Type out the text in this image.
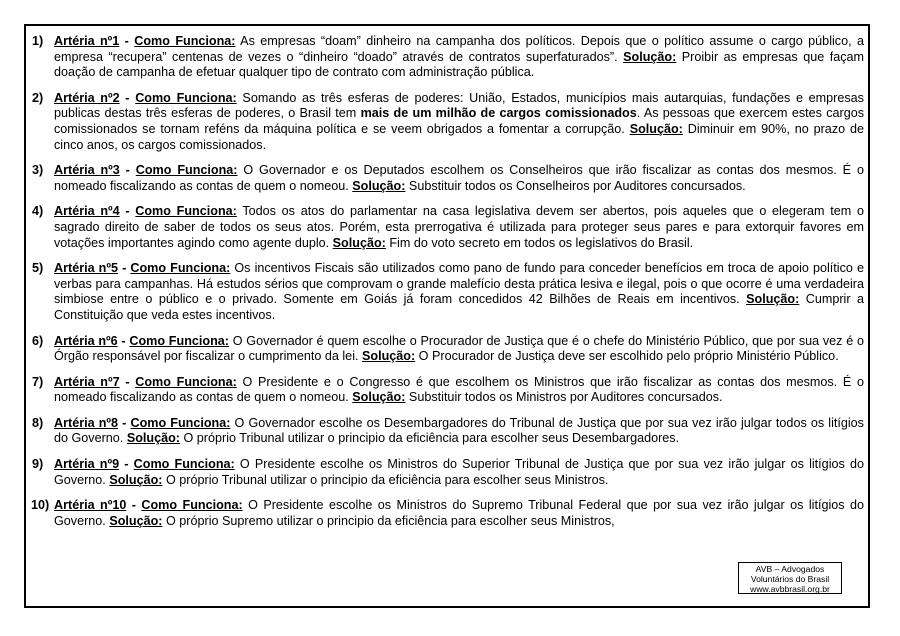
1) Artéria nº1 - Como Funciona: As empresas “doam” dinheiro na campanha dos políticos. Depois que o político assume o cargo público, a empresa “recupera” centenas de vezes o “dinheiro “doado” através de contratos superfaturados”. Solução: Proibir as empresas que façam doação de campanha de efetuar qualquer tipo de contrato com administração pública.
2) Artéria nº2 - Como Funciona: Somando as três esferas de poderes: União, Estados, municípios mais autarquias, fundações e empresas publicas destas três esferas de poderes, o Brasil tem mais de um milhão de cargos comissionados. As pessoas que exercem estes cargos comissionados se tornam reféns da máquina política e se veem obrigados a fomentar a corrupção. Solução: Diminuir em 90%, no prazo de cinco anos, os cargos comissionados.
3) Artéria nº3 - Como Funciona: O Governador e os Deputados escolhem os Conselheiros que irão fiscalizar as contas dos mesmos. É o nomeado fiscalizando as contas de quem o nomeou. Solução: Substituir todos os Conselheiros por Auditores concursados.
4) Artéria nº4 - Como Funciona: Todos os atos do parlamentar na casa legislativa devem ser abertos, pois aqueles que o elegeram tem o sagrado direito de saber de todos os seus atos. Porém, esta prerrogativa é utilizada para proteger seus pares e para extorquir favores em votações importantes agindo como agente duplo. Solução: Fim do voto secreto em todos os legislativos do Brasil.
5) Artéria nº5 - Como Funciona: Os incentivos Fiscais são utilizados como pano de fundo para conceder benefícios em troca de apoio político e verbas para campanhas. Há estudos sérios que comprovam o grande malefício desta prática lesiva e ilegal, pois o que ocorre é uma verdadeira simbiose entre o público e o privado. Somente em Goiás já foram concedidos 42 Bilhões de Reais em incentivos. Solução: Cumprir a Constituição que veda estes incentivos.
6) Artéria nº6 - Como Funciona: O Governador é quem escolhe o Procurador de Justiça que é o chefe do Ministério Público, que por sua vez é o Órgão responsável por fiscalizar o cumprimento da lei. Solução: O Procurador de Justiça deve ser escolhido pelo próprio Ministério Público.
7) Artéria nº7 - Como Funciona: O Presidente e o Congresso é que escolhem os Ministros que irão fiscalizar as contas dos mesmos. É o nomeado fiscalizando as contas de quem o nomeou. Solução: Substituir todos os Ministros por Auditores concursados.
8) Artéria nº8 - Como Funciona: O Governador escolhe os Desembargadores do Tribunal de Justiça que por sua vez irão julgar todos os litígios do Governo. Solução: O próprio Tribunal utilizar o principio da eficiência para escolher seus Desembargadores.
9) Artéria nº9 - Como Funciona: O Presidente escolhe os Ministros do Superior Tribunal de Justiça que por sua vez irão julgar os litígios do Governo. Solução: O próprio Tribunal utilizar o principio da eficiência para escolher seus Ministros.
10) Artéria nº10 - Como Funciona: O Presidente escolhe os Ministros do Supremo Tribunal Federal que por sua vez irão julgar os litígios do Governo. Solução: O próprio Supremo utilizar o principio da eficiência para escolher seus Ministros,
AVB – Advogados
Voluntários do Brasil
www.avbbrasil.org.br
